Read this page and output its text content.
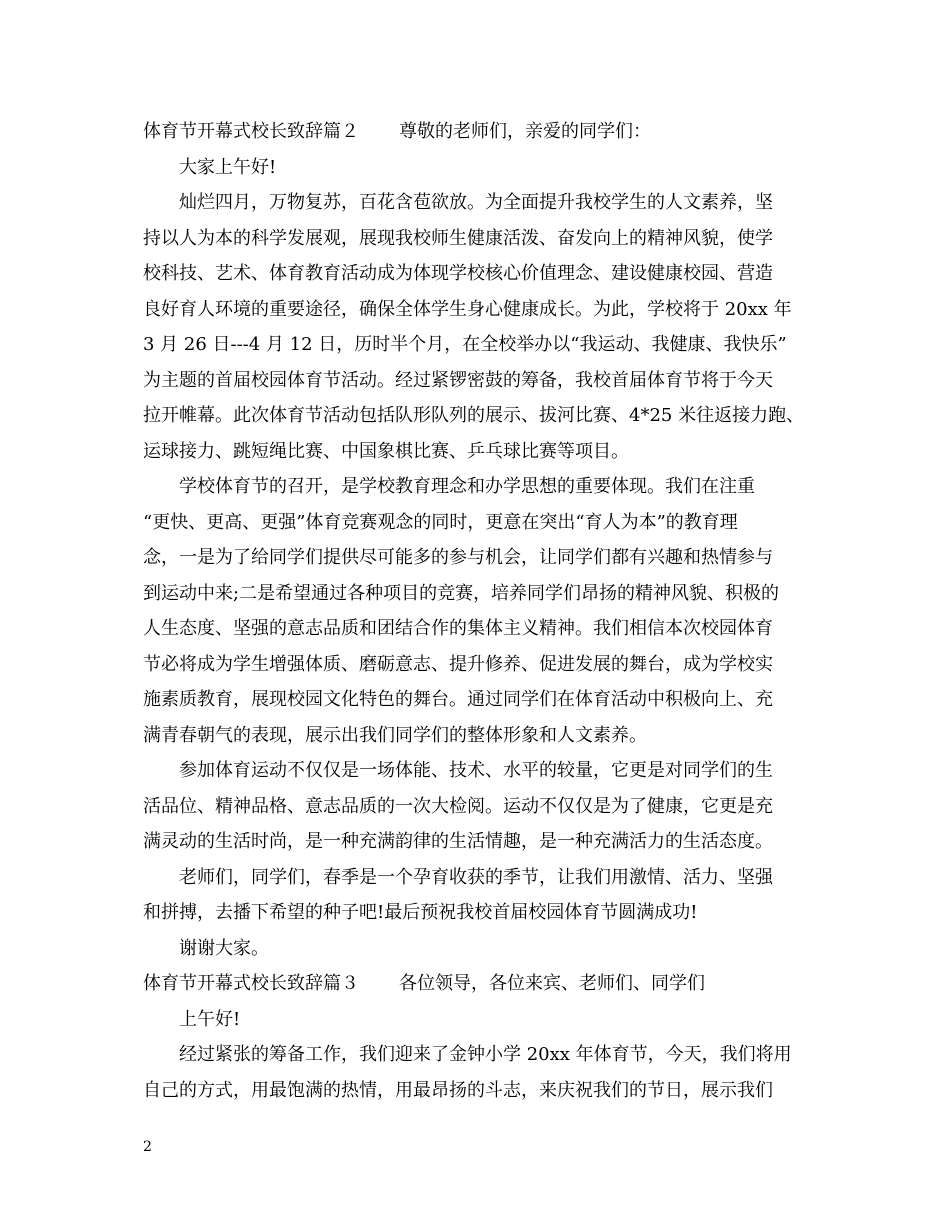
体育节开幕式校长致辞篇２ 尊敬的老师们，亲爱的同学们：
大家上午好!
灿烂四月，万物复苏，百花含苞欲放。为全面提升我校学生的人文素养，坚
持以人为本的科学发展观，展现我校师生健康活泼、奋发向上的精神风貌，使学
校科技、艺术、体育教育活动成为体现学校核心价值理念、建设健康校园、营造
良好育人环境的重要途径，确保全体学生身心健康成长。为此，学校将于 20xx 年
3 月 26 日---4 月 12 日，历时半个月，在全校举办以“我运动、我健康、我快乐”
为主题的首届校园体育节活动。经过紧锣密鼓的筹备，我校首届体育节将于今天
拉开帷幕。此次体育节活动包括队形队列的展示、拔河比赛、4*25 米往返接力跑、
运球接力、跳短绳比赛、中国象棋比赛、乒乓球比赛等项目。
学校体育节的召开，是学校教育理念和办学思想的重要体现。我们在注重
“更快、更高、更强”体育竞赛观念的同时，更意在突出“育人为本”的教育理
念，一是为了给同学们提供尽可能多的参与机会，让同学们都有兴趣和热情参与
到运动中来;二是希望通过各种项目的竞赛，培养同学们昂扬的精神风貌、积极的
人生态度、坚强的意志品质和团结合作的集体主义精神。我们相信本次校园体育
节必将成为学生增强体质、磨砺意志、提升修养、促进发展的舞台，成为学校实
施素质教育，展现校园文化特色的舞台。通过同学们在体育活动中积极向上、充
满青春朝气的表现，展示出我们同学们的整体形象和人文素养。
参加体育运动不仅仅是一场体能、技术、水平的较量，它更是对同学们的生
活品位、精神品格、意志品质的一次大检阅。运动不仅仅是为了健康，它更是充
满灵动的生活时尚，是一种充满韵律的生活情趣，是一种充满活力的生活态度。
老师们，同学们，春季是一个孕育收获的季节，让我们用激情、活力、坚强
和拼搏，去播下希望的种子吧!最后预祝我校首届校园体育节圆满成功!
谢谢大家。
体育节开幕式校长致辞篇３ 各位领导，各位来宾、老师们、同学们
上午好!
经过紧张的筹备工作，我们迎来了金钟小学 20xx 年体育节，今天，我们将用
自己的方式，用最饱满的热情，用最昂扬的斗志，来庆祝我们的节日，展示我们
2
